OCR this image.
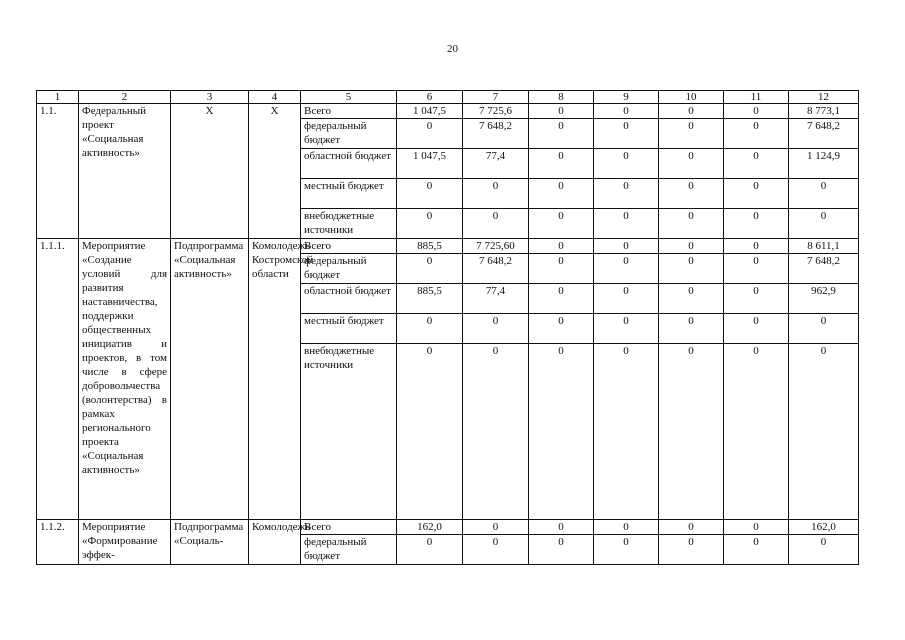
20
1	2	3	4	5	6	7	8	9	10	11	12
1.1.	Федеральный проект «Социальная активность»	Х	Х	Всего	1 047,5	7 725,6	0	0	0	0	8 773,1
				федеральный бюджет	0	7 648,2	0	0	0	0	7 648,2
				областной бюджет	1 047,5	77,4	0	0	0	0	1 124,9
				местный бюджет	0	0	0	0	0	0	0
				внебюджетные источники	0	0	0	0	0	0	0
1.1.1.	Мероприятие «Создание условий для развития наставничества, поддержки общественных инициатив и проектов, в том числе в сфере добровольчества (волонтерства) в рамках регионального проекта «Социальная активность»	Подпрограмма «Социальная активность»	Комолодежь Костромской области	Всего	885,5	7 725,60	0	0	0	0	8 611,1
				федеральный бюджет	0	7 648,2	0	0	0	0	7 648,2
				областной бюджет	885,5	77,4	0	0	0	0	962,9
				местный бюджет	0	0	0	0	0	0	0
				внебюджетные источники	0	0	0	0	0	0	0
1.1.2.	Мероприятие «Формирование эффек-	Подпрограмма «Социаль-	Комолодежь	Всего	162,0	0	0	0	0	0	162,0
				федеральный бюджет	0	0	0	0	0	0	0
